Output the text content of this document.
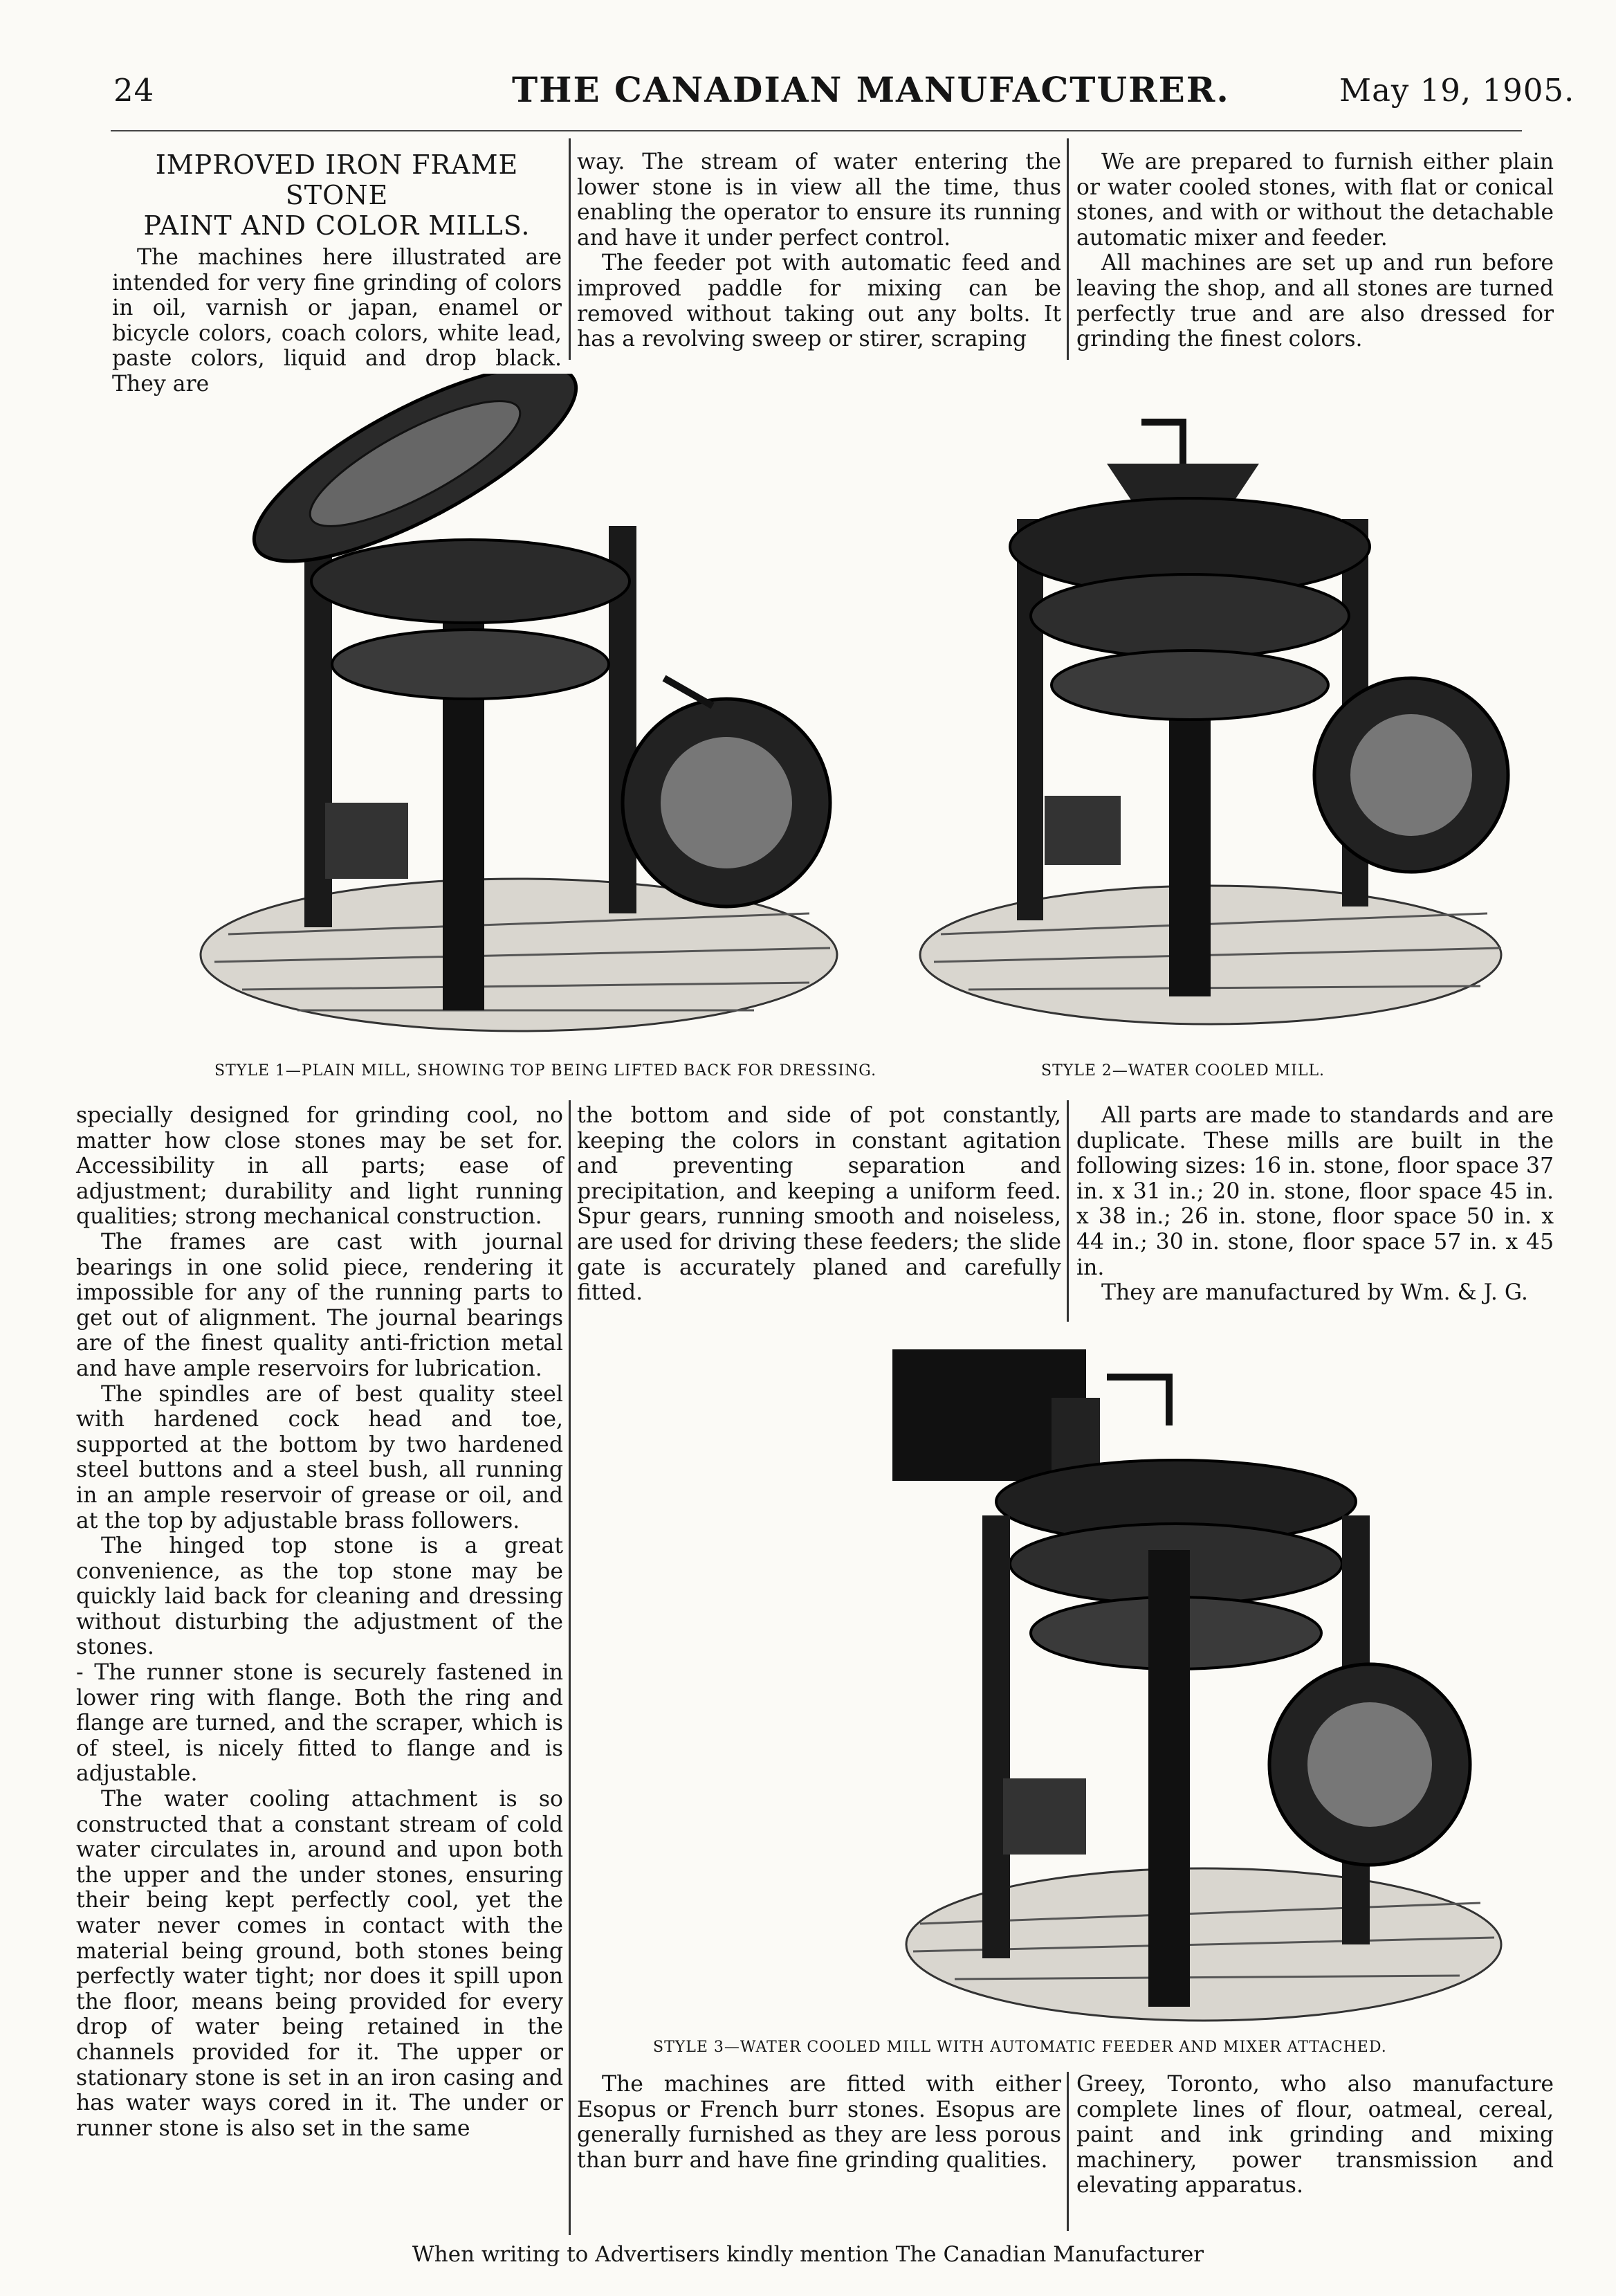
24	THE CANADIAN MANUFACTURER.	May 19, 1905.
IMPROVED IRON FRAME STONE
PAINT AND COLOR MILLS.

The machines here illustrated are intended for very fine grinding of colors in oil, varnish or japan, enamel or bicycle colors, coach colors, white lead, paste colors, liquid and drop black. They are

way. The stream of water entering the lower stone is in view all the time, thus enabling the operator to ensure its running and have it under perfect control.

The feeder pot with automatic feed and improved paddle for mixing can be removed without taking out any bolts. It has a revolving sweep or stirer, scraping

We are prepared to furnish either plain or water cooled stones, with flat or conical stones, and with or without the detachable automatic mixer and feeder.

All machines are set up and run before leaving the shop, and all stones are turned perfectly true and are also dressed for grinding the finest colors.

STYLE 1—PLAIN MILL, SHOWING TOP BEING LIFTED BACK FOR DRESSING.	STYLE 2—WATER COOLED MILL.

specially designed for grinding cool, no matter how close stones may be set for. Accessibility in all parts; ease of adjustment; durability and light running qualities; strong mechanical construction.

The frames are cast with journal bearings in one solid piece, rendering it impossible for any of the running parts to get out of alignment. The journal bearings are of the finest quality anti-friction metal and have ample reservoirs for lubrication.

The spindles are of best quality steel with hardened cock head and toe, supported at the bottom by two hardened steel buttons and a steel bush, all running in an ample reservoir of grease or oil, and at the top by adjustable brass followers.

The hinged top stone is a great convenience, as the top stone may be quickly laid back for cleaning and dressing without disturbing the adjustment of the stones.

- The runner stone is securely fastened in lower ring with flange. Both the ring and flange are turned, and the scraper, which is of steel, is nicely fitted to flange and is adjustable.

The water cooling attachment is so constructed that a constant stream of cold water circulates in, around and upon both the upper and the under stones, ensuring their being kept perfectly cool, yet the water never comes in contact with the material being ground, both stones being perfectly water tight; nor does it spill upon the floor, means being provided for every drop of water being retained in the channels provided for it. The upper or stationary stone is set in an iron casing and has water ways cored in it. The under or runner stone is also set in the same

the bottom and side of pot constantly, keeping the colors in constant agitation and preventing separation and precipitation, and keeping a uniform feed. Spur gears, running smooth and noiseless, are used for driving these feeders; the slide gate is accurately planed and carefully fitted.

All parts are made to standards and are duplicate. These mills are built in the following sizes: 16 in. stone, floor space 37 in. x 31 in.; 20 in. stone, floor space 45 in. x 38 in.; 26 in. stone, floor space 50 in. x 44 in.; 30 in. stone, floor space 57 in. x 45 in.

They are manufactured by Wm. & J. G.

STYLE 3—WATER COOLED MILL WITH AUTOMATIC FEEDER AND MIXER ATTACHED.

The machines are fitted with either Esopus or French burr stones. Esopus are generally furnished as they are less porous than burr and have fine grinding qualities.

Greey, Toronto, who also manufacture complete lines of flour, oatmeal, cereal, paint and ink grinding and mixing machinery, power transmission and elevating apparatus.

When writing to Advertisers kindly mention The Canadian Manufacturer
